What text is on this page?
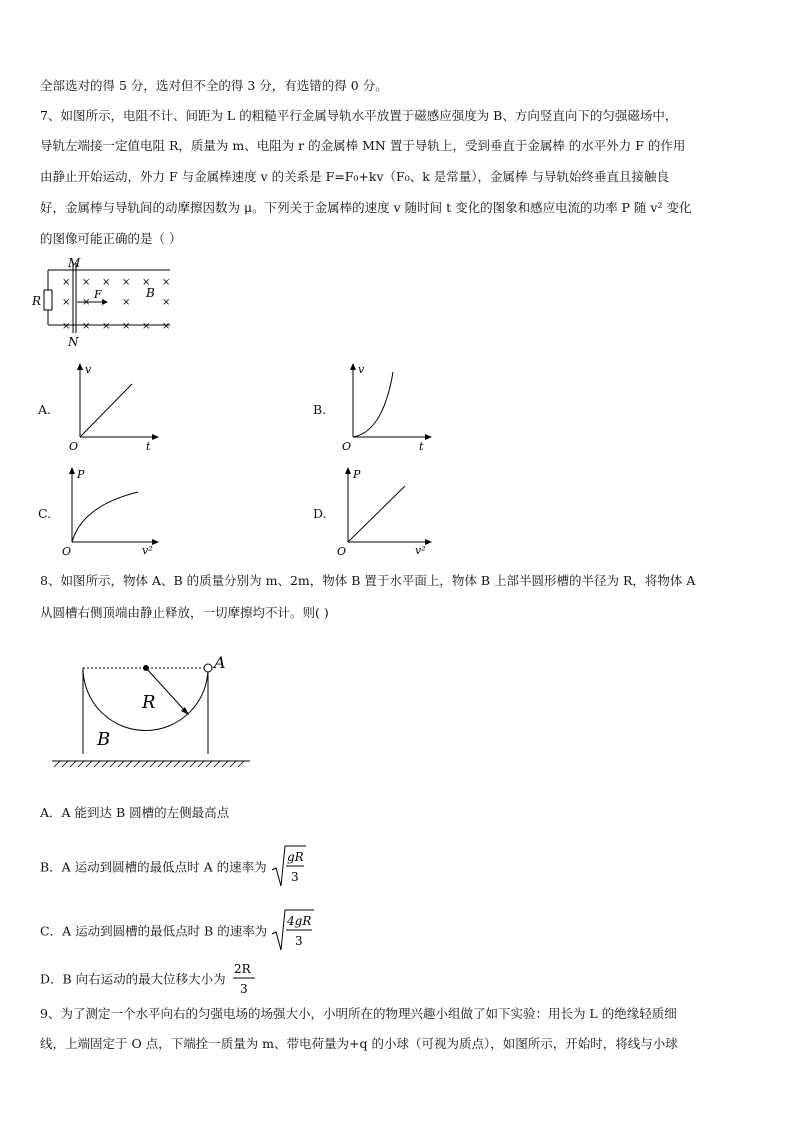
全部选对的得 5 分，选对但不全的得 3 分，有选错的得 0 分。
7、如图所示，电阻不计、间距为 L 的粗糙平行金属导轨水平放置于磁感应强度为 B、方向竖直向下的匀强磁场中，
导轨左端接一定值电阻 R，质量为 m、电阻为 r 的金属棒 MN 置于导轨上，受到垂直于金属棒 的水平外力 F 的作用
由静止开始运动，外力 F 与金属棒速度 v 的关系是 F=F₀+kv（F₀、k 是常量），金属棒 与导轨始终垂直且接触良
好，金属棒与导轨间的动摩擦因数为 μ。下列关于金属棒的速度 v 随时间 t 变化的图象和感应电流的功率 P 随 v² 变化
的图像可能正确的是（ ）
M
N
R	F	B
×
×
×
× × × × ×
×	×	×
× × × × ×
A.
v
t
O
B.
v
t
O
C.
P
v²
O
D.
P
v²
O
8、如图所示，物体 A、B 的质量分别为 m、2m，物体 B 置于水平面上，物体 B 上部半圆形槽的半径为 R，将物体 A
从圆槽右侧顶端由静止释放，一切摩擦均不计。则( )
A
R
B
A．A 能到达 B 圆槽的左侧最高点
B．A 运动到圆槽的最低点时 A 的速率为
gR
3
C．A 运动到圆槽的最低点时 B 的速率为
4gR
3
D．B 向右运动的最大位移大小为
2R
3
9、为了测定一个水平向右的匀强电场的场强大小，小明所在的物理兴趣小组做了如下实验：用长为 L 的绝缘轻质细
线，上端固定于 O 点，下端拴一质量为 m、带电荷量为+q 的小球（可视为质点），如图所示，开始时，将线与小球
